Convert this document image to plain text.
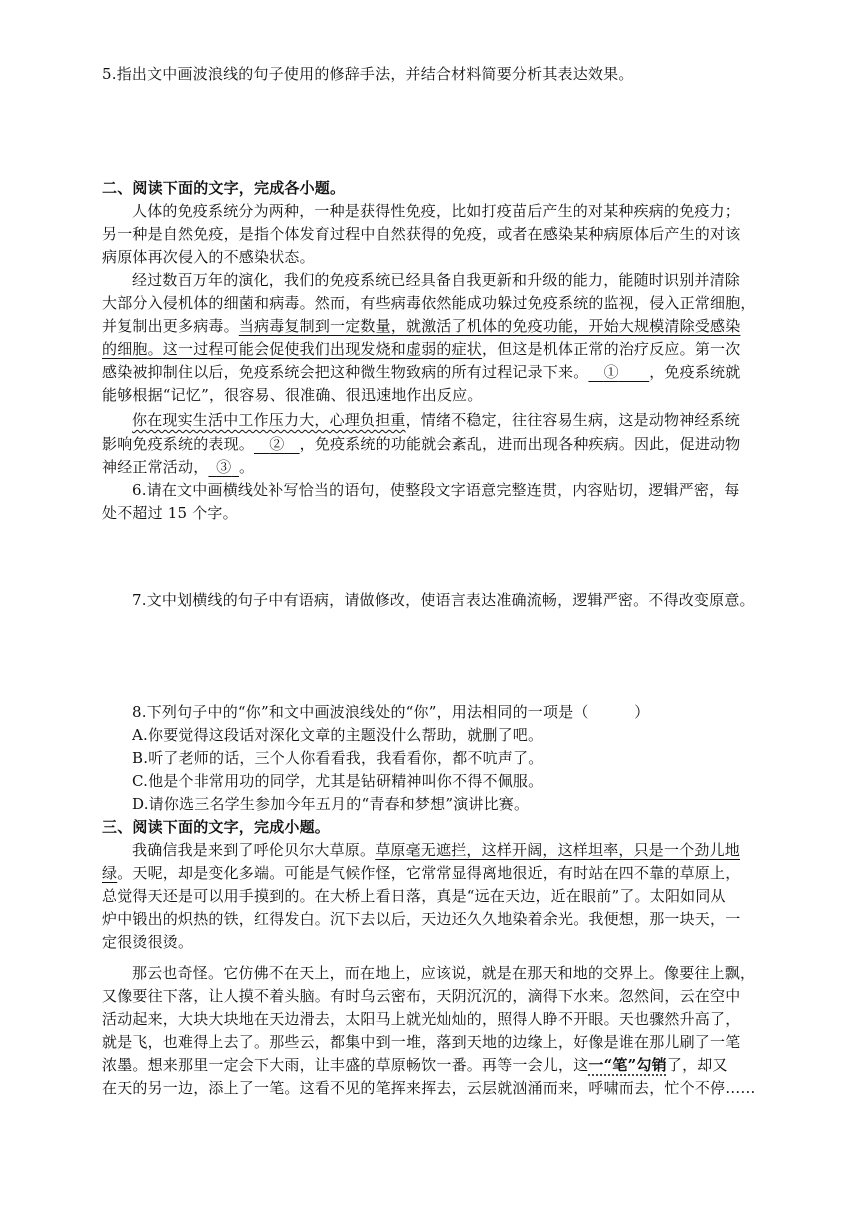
5.指出文中画波浪线的句子使用的修辞手法，并结合材料简要分析其表达效果。

二、阅读下面的文字，完成各小题。
人体的免疫系统分为两种，一种是获得性免疫，比如打疫苗后产生的对某种疾病的免疫力；
另一种是自然免疫，是指个体发育过程中自然获得的免疫，或者在感染某种病原体后产生的对该
病原体再次侵入的不感染状态。
经过数百万年的演化，我们的免疫系统已经具备自我更新和升级的能力，能随时识别并清除
大部分入侵机体的细菌和病毒。然而，有些病毒依然能成功躲过免疫系统的监视，侵入正常细胞，
并复制出更多病毒。当病毒复制到一定数量，就激活了机体的免疫功能，开始大规模清除受感染
的细胞。这一过程可能会促使我们出现发烧和虚弱的症状，但这是机体正常的治疗反应。第一次
感染被抑制住以后，免疫系统会把这种微生物致病的所有过程记录下来。  ①   ，免疫系统就
能够根据“记忆”，很容易、很准确、很迅速地作出反应。
你在现实生活中工作压力大，心理负担重，情绪不稳定，往往容易生病，这是动物神经系统
影响免疫系统的表现。  ②  ，免疫系统的功能就会紊乱，进而出现各种疾病。因此，促进动物
神经正常活动，  ③  。
6.请在文中画横线处补写恰当的语句，使整段文字语意完整连贯，内容贴切，逻辑严密，每
处不超过 15 个字。

7.文中划横线的句子中有语病，请做修改，使语言表达准确流畅，逻辑严密。不得改变原意。

8.下列句子中的“你”和文中画波浪线处的“你”，用法相同的一项是（　　　）
A.你要觉得这段话对深化文章的主题没什么帮助，就删了吧。
B.听了老师的话，三个人你看看我，我看看你，都不吭声了。
C.他是个非常用功的同学，尤其是钻研精神叫你不得不佩服。
D.请你选三名学生参加今年五月的“青春和梦想”演讲比赛。
三、阅读下面的文字，完成小题。
我确信我是来到了呼伦贝尔大草原。草原毫无遮拦，这样开阔，这样坦率，只是一个劲儿地
绿。天呢，却是变化多端。可能是气候作怪，它常常显得离地很近，有时站在四不靠的草原上，
总觉得天还是可以用手摸到的。在大桥上看日落，真是“远在天边，近在眼前”了。太阳如同从
炉中锻出的炽热的铁，红得发白。沉下去以后，天边还久久地染着余光。我便想，那一块天，一
定很烫很烫。
那云也奇怪。它仿佛不在天上，而在地上，应该说，就是在那天和地的交界上。像要往上飘，
又像要往下落，让人摸不着头脑。有时乌云密布，天阴沉沉的，滴得下水来。忽然间，云在空中
活动起来，大块大块地在天边滑去，太阳马上就光灿灿的，照得人睁不开眼。天也骤然升高了，
就是飞，也难得上去了。那些云，都集中到一堆，落到天地的边缘上，好像是谁在那儿刷了一笔
浓墨。想来那里一定会下大雨，让丰盛的草原畅饮一番。再等一会儿，这一“笔”勾销了，却又
在天的另一边，添上了一笔。这看不见的笔挥来挥去，云层就汹涌而来，呼啸而去，忙个不停……
